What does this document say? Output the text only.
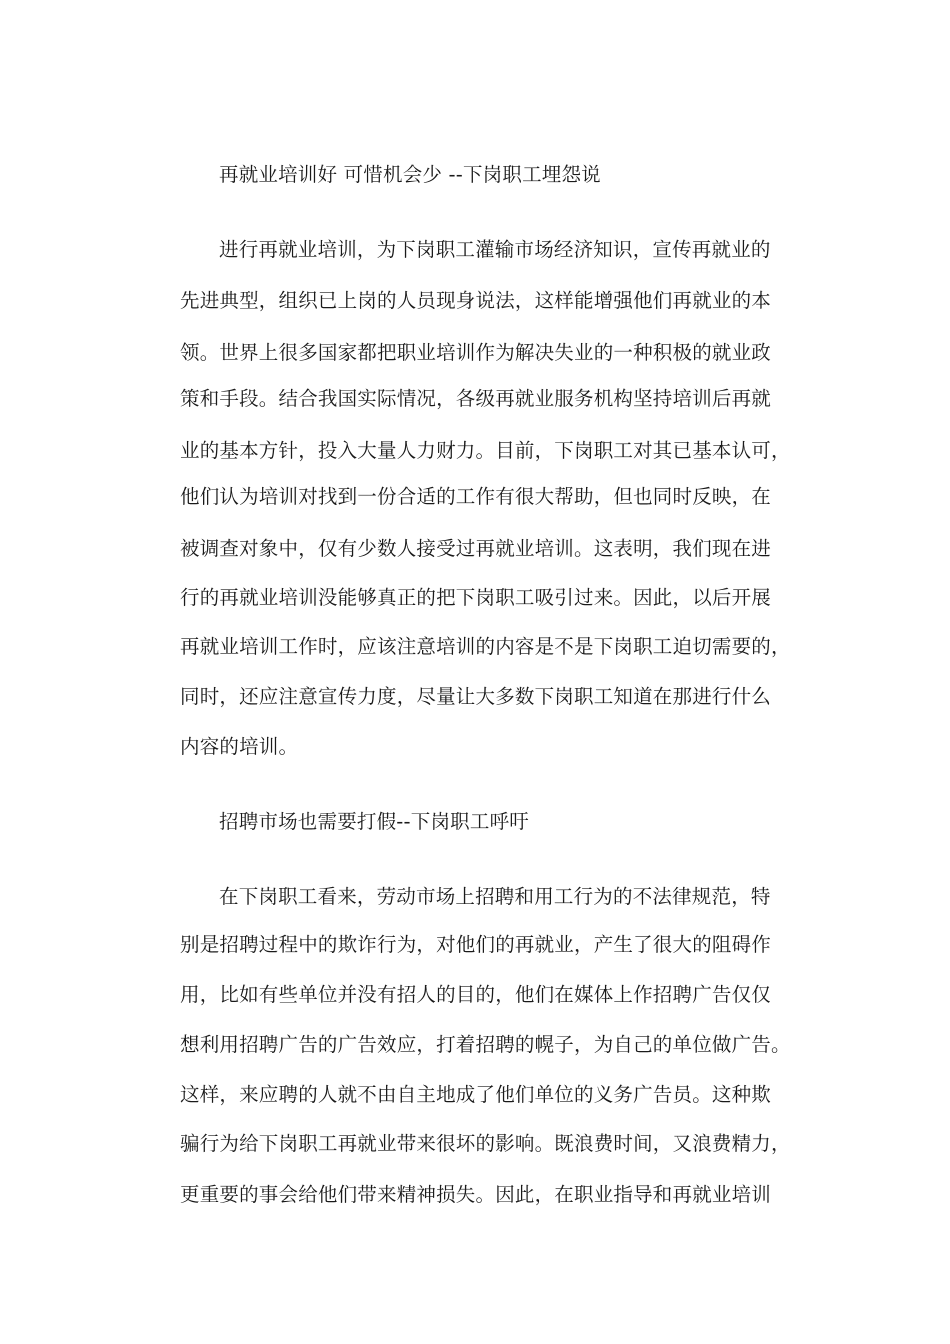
再就业培训好 可惜机会少 --下岗职工埋怨说
进行再就业培训，为下岗职工灌输市场经济知识，宣传再就业的
先进典型，组织已上岗的人员现身说法，这样能增强他们再就业的本
领。世界上很多国家都把职业培训作为解决失业的一种积极的就业政
策和手段。结合我国实际情况，各级再就业服务机构坚持培训后再就
业的基本方针，投入大量人力财力。目前，下岗职工对其已基本认可，
他们认为培训对找到一份合适的工作有很大帮助，但也同时反映，在
被调查对象中，仅有少数人接受过再就业培训。这表明，我们现在进
行的再就业培训没能够真正的把下岗职工吸引过来。因此，以后开展
再就业培训工作时，应该注意培训的内容是不是下岗职工迫切需要的，
同时，还应注意宣传力度，尽量让大多数下岗职工知道在那进行什么
内容的培训。
招聘市场也需要打假--下岗职工呼吁
在下岗职工看来，劳动市场上招聘和用工行为的不法律规范，特
别是招聘过程中的欺诈行为，对他们的再就业，产生了很大的阻碍作
用，比如有些单位并没有招人的目的，他们在媒体上作招聘广告仅仅
想利用招聘广告的广告效应，打着招聘的幌子，为自己的单位做广告。
这样，来应聘的人就不由自主地成了他们单位的义务广告员。这种欺
骗行为给下岗职工再就业带来很坏的影响。既浪费时间，又浪费精力，
更重要的事会给他们带来精神损失。因此，在职业指导和再就业培训
